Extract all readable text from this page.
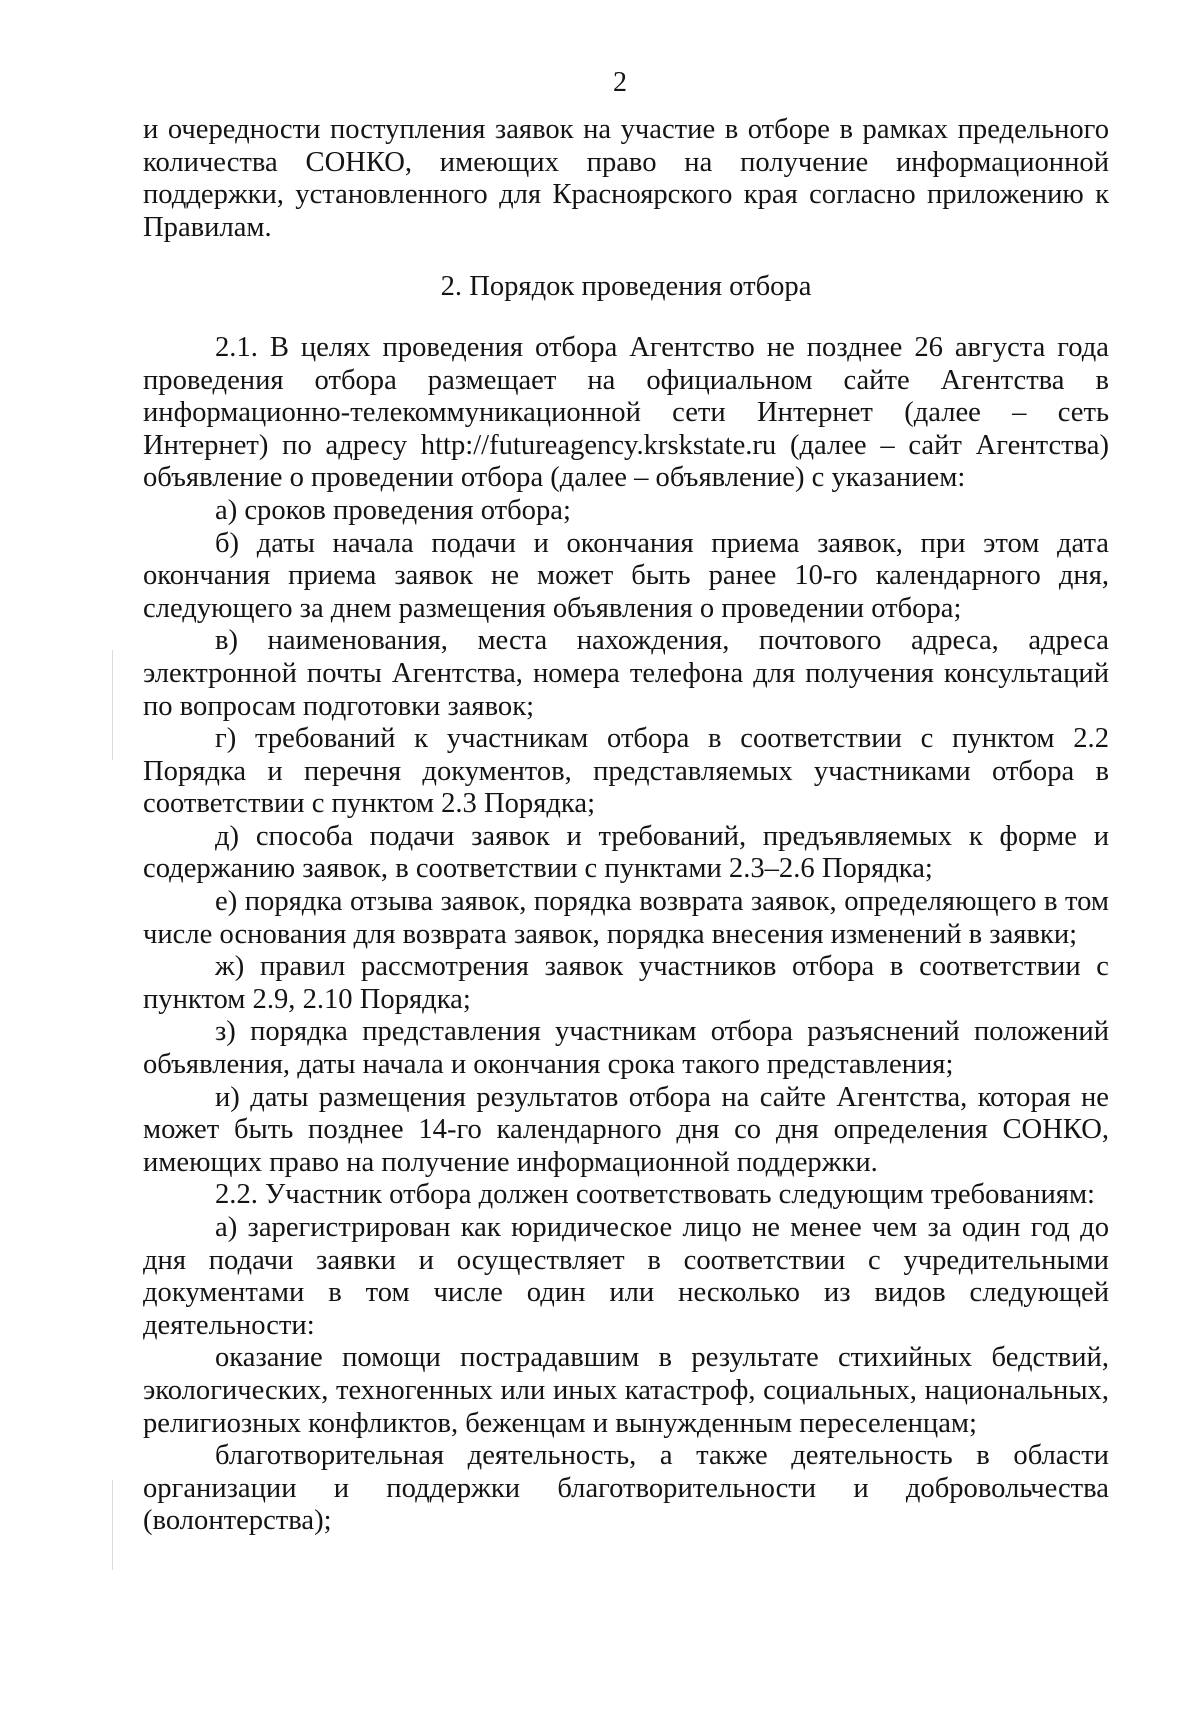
2

и очередности поступления заявок на участие в отборе в рамках предельного количества СОНКО, имеющих право на получение информационной поддержки, установленного для Красноярского края согласно приложению к Правилам.

2. Порядок проведения отбора

2.1. В целях проведения отбора Агентство не позднее 26 августа года проведения отбора размещает на официальном сайте Агентства в информационно-телекоммуникационной сети Интернет (далее – сеть Интернет) по адресу http://futureagency.krskstate.ru (далее – сайт Агентства) объявление о проведении отбора (далее – объявление) с указанием:

а) сроков проведения отбора;

б) даты начала подачи и окончания приема заявок, при этом дата окончания приема заявок не может быть ранее 10-го календарного дня, следующего за днем размещения объявления о проведении отбора;

в) наименования, места нахождения, почтового адреса, адреса электронной почты Агентства, номера телефона для получения консультаций по вопросам подготовки заявок;

г) требований к участникам отбора в соответствии с пунктом 2.2 Порядка и перечня документов, представляемых участниками отбора в соответствии с пунктом 2.3 Порядка;

д) способа подачи заявок и требований, предъявляемых к форме и содержанию заявок, в соответствии с пунктами 2.3–2.6 Порядка;

е) порядка отзыва заявок, порядка возврата заявок, определяющего в том числе основания для возврата заявок, порядка внесения изменений в заявки;

ж) правил рассмотрения заявок участников отбора в соответствии с пунктом 2.9, 2.10 Порядка;

з) порядка представления участникам отбора разъяснений положений объявления, даты начала и окончания срока такого представления;

и) даты размещения результатов отбора на сайте Агентства, которая не может быть позднее 14-го календарного дня со дня определения СОНКО, имеющих право на получение информационной поддержки.

2.2. Участник отбора должен соответствовать следующим требованиям:

а) зарегистрирован как юридическое лицо не менее чем за один год до дня подачи заявки и осуществляет в соответствии с учредительными документами в том числе один или несколько из видов следующей деятельности:

оказание помощи пострадавшим в результате стихийных бедствий, экологических, техногенных или иных катастроф, социальных, национальных, религиозных конфликтов, беженцам и вынужденным переселенцам;

благотворительная деятельность, а также деятельность в области организации и поддержки благотворительности и добровольчества (волонтерства);
